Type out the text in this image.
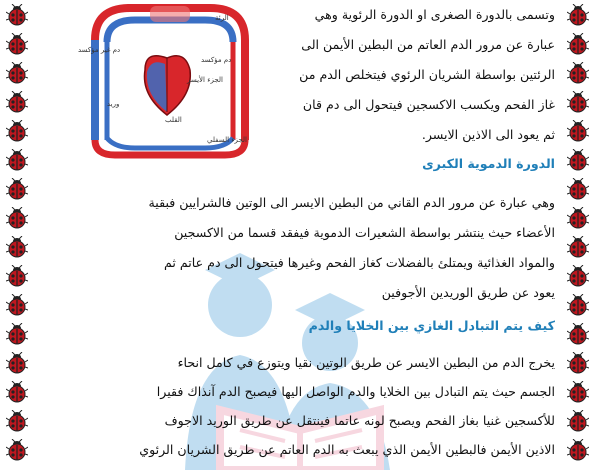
الرئة
دم غير مؤكسد
دم مؤكسد
الجزء الأيسر
وريد
القلب
الجزء السفلي
وتسمى بالدورة الصغرى او الدورة الرئوية وهي
عبارة عن مرور الدم العاتم من البطين الأيمن الى
الرئتين بواسطة الشريان الرئوي فيتخلص الدم من
غاز الفحم ويكسب الاكسجين فيتحول الى دم قان
ثم يعود الى الاذين الايسر.
الدورة الدموية الكبرى
وهي عبارة عن مرور الدم القاني من البطين الايسر الى الوتين فالشرايين فبقية
الأعضاء حيث ينتشر بواسطة الشعيرات الدموية فيفقد قسما من الاكسجين
والمواد الغذائية ويمتلئ بالفضلات كغاز الفحم وغيرها فيتحول الى دم عاتم ثم
يعود عن طريق الوريدين الأجوفين
كيف يتم التبادل الغازي بين الخلايا والدم
يخرج الدم من البطين الايسر عن طريق الوتين نقيا ويتوزع في كامل انحاء
الجسم حيث يتم التبادل بين الخلايا والدم الواصل اليها فيصبح الدم آنذاك فقيرا
للأكسجين غنيا بغاز الفحم ويصبح لونه عاتما فينتقل عن طريق الوريد الاجوف
الاذين الأيمن فالبطين الأيمن الذي يبعث به الدم العاتم عن طريق الشريان الرئوي
